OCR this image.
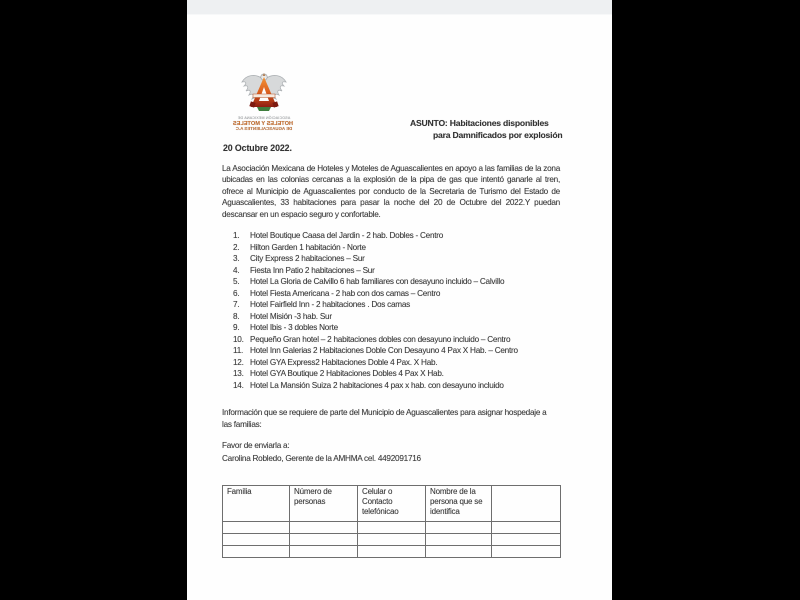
ASOCIACIÓN MEXICANA DE
HOTELES Y MOTELES
DE AGUASCALIENTES A.C
ASUNTO: Habitaciones disponibles
para Damnificados por explosión
20 Octubre 2022.
La Asociación Mexicana de Hoteles y Moteles de Aguascalientes en apoyo a las familias de la zona ubicadas en las colonias cercanas a la explosión de la pipa de gas que intentó ganarle al tren, ofrece al Municipio de Aguascalientes por conducto de la Secretaria de Turismo del Estado de Aguascalientes, 33 habitaciones para pasar la noche del 20 de Octubre del 2022.Y puedan descansar en un espacio seguro y confortable.
1.	Hotel Boutique Caasa del Jardin - 2 hab. Dobles - Centro
2.	Hilton Garden 1 habitación - Norte
3.	City Express 2 habitaciones – Sur
4.	Fiesta Inn Patio 2 habitaciones – Sur
5.	Hotel La Gloria de Calvillo 6 hab familiares con desayuno incluido – Calvillo
6.	Hotel Fiesta Americana - 2 hab con dos camas – Centro
7.	Hotel Fairfield Inn - 2 habitaciones . Dos camas
8.	Hotel Misión -3 hab. Sur
9.	Hotel Ibis - 3 dobles Norte
10. Pequeño Gran hotel – 2 habitaciones dobles con desayuno incluido – Centro
11. Hotel Inn Galerias 2 Habitaciones Doble Con Desayuno 4 Pax X Hab. – Centro
12. Hotel GYA Express2 Habitaciones Doble 4 Pax. X Hab.
13. Hotel GYA Boutique 2 Habitaciones Dobles 4 Pax X Hab.
14. Hotel La Mansión Suiza 2 habitaciones 4 pax x hab. con desayuno incluido
Información que se requiere de parte del Municipio de Aguascalientes para asignar hospedaje a las familias:
Favor de enviarla a:
Carolina Robledo, Gerente de la AMHMA cel. 4492091716
Familia	Número de personas	Celular o Contacto telefónicao	Nombre de la persona que se identifica	
